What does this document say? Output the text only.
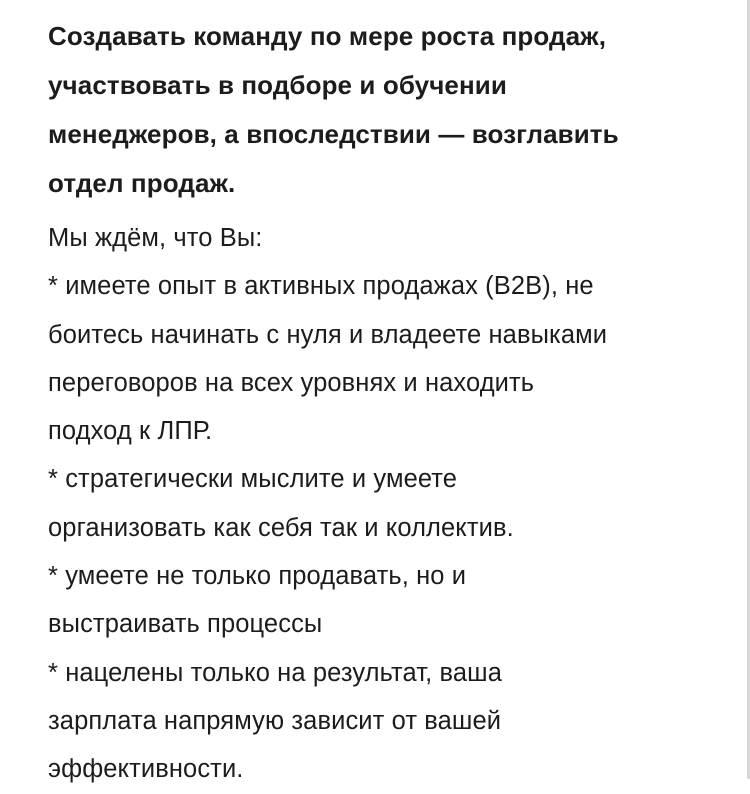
Создавать команду по мере роста продаж,

участвовать в подборе и обучении

менеджеров, а впоследствии — возглавить

отдел продаж.

Мы ждём, что Вы:

* имеете опыт в активных продажах (B2B), не

боитесь начинать с нуля и владеете навыками

переговоров на всех уровнях и находить

подход к ЛПР.

* стратегически мыслите и умеете

организовать как себя так и коллектив.

* умеете не только продавать, но и

выстраивать процессы

* нацелены только на результат, ваша

зарплата напрямую зависит от вашей

эффективности.
